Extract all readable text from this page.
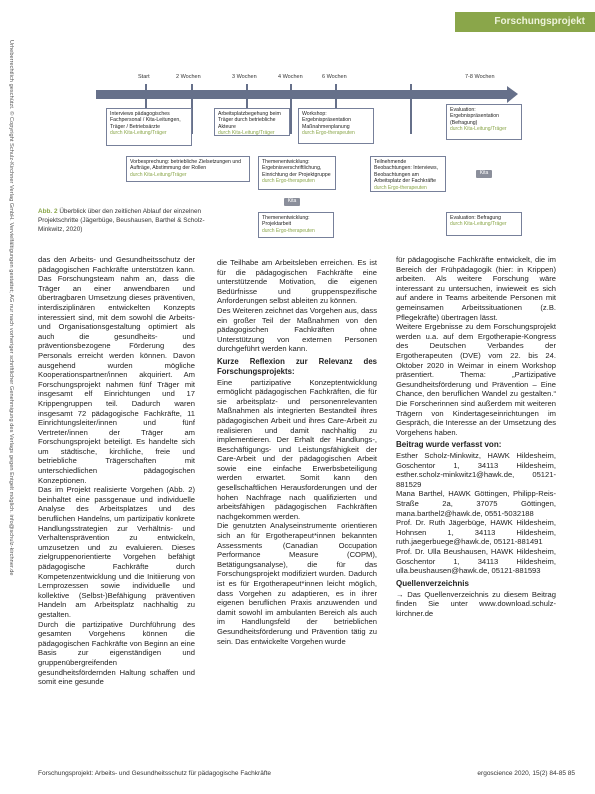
Urheberrechtlich geschützt. © Copyright Schulz-Kirchner Verlag GmbH. Vervielfältigungen gestattet; AG nur nach vorheriger schriftlicher Genehmigung des Verlags gegen Entgelt möglich. info@schulz-kirchner.de
Forschungsprojekt
Start	2 Wochen	3 Wochen	4 Wochen	6 Wochen	7-8 Wochen
Interviews pädagogisches Fachpersonal / Kita-Leitungen, Träger / Betriebsärzte
durch Kita-Leitung/Träger
Arbeitsplatzbegehung beim Träger durch betriebliche Akteure
durch Kita-Leitung/Träger
Workshop: Ergebnispräsentation Maßnahmenplanung
durch Ergo-therapeuten
Evaluation: Ergebnispräsentation (Befragung)
durch Kita-Leitung/Träger
Vorbesprechung: betriebliche Zielsetzungen und Aufträge, Abstimmung der Rollen
durch Kita-Leitung/Träger
Themenentwicklung: Ergebnisverschriftlichung, Einrichtung der Projektgruppe
durch Ergo-therapeuten
Teilnehmende Beobachtungen: Interviews, Beobachtungen am Arbeitsplatz der Fachkräfte
durch Ergo-therapeuten
Themenentwicklung: Projektarbeit
durch Ergo-therapeuten
Evaluation: Befragung
durch Kita-Leitung/Träger
Kita
Kita
Abb. 2 Überblick über den zeitlichen Ablauf der einzelnen Projektschritte (Jägerbüge, Beushausen, Barthel & Scholz-Minkwitz, 2020)

das den Arbeits- und Gesundheitsschutz der pädagogischen Fachkräfte unterstützen kann. Das Forschungsteam nahm an, dass die Träger an einer anwendbaren und übertragbaren Umsetzung dieses präventiven, interdisziplinären entwickelten Konzepts interessiert sind, mit dem sowohl die Arbeits- und Organisationsgestaltung optimiert als auch die gesundheits- und präventionsbezogene Förderung des Personals erreicht werden können. Davon ausgehend wurden mögliche Kooperationspartner/innen akquiriert. Am Forschungsprojekt nahmen fünf Träger mit insgesamt elf Einrichtungen und 17 Krippengruppen teil. Dadurch waren insgesamt 72 pädagogische Fachkräfte, 11 Einrichtungsleiter/innen und fünf Vertreter/innen der Träger am Forschungsprojekt beteiligt. Es handelte sich um städtische, kirchliche, freie und betriebliche Trägerschaften mit unterschiedlichen pädagogischen Konzeptionen.

Das im Projekt realisierte Vorgehen (Abb. 2) beinhaltet eine passgenaue und individuelle Analyse des Arbeitsplatzes und des beruflichen Handelns, um partizipativ konkrete Handlungsstrategien zur Verhältnis- und Verhaltensprävention zu entwickeln, umzusetzen und zu evaluieren. Dieses zielgruppenorientierte Vorgehen befähigt pädagogische Fachkräfte durch Kompetenzentwicklung und die Initiierung von Lernprozessen sowie individuelle und kollektive (Selbst-)Befähigung präventiven Handeln am Arbeitsplatz nachhaltig zu gestalten.

Durch die partizipative Durchführung des gesamten Vorgehens können die pädagogischen Fachkräfte von Beginn an eine Basis zur eigenständigen und gruppenübergreifenden gesundheitsfördernden Haltung schaffen und somit eine gesunde

die Teilhabe am Arbeitsleben erreichen. Es ist für die pädagogischen Fachkräfte eine unterstützende Motivation, die eigenen Bedürfnisse und gruppenspezifische Anforderungen selbst ableiten zu können.

Des Weiteren zeichnet das Vorgehen aus, dass ein großer Teil der Maßnahmen von den pädagogischen Fachkräften ohne Unterstützung von externen Personen durchgeführt werden kann.

Kurze Reflexion zur Relevanz des Forschungsprojekts:

Eine partizipative Konzeptentwicklung ermöglicht pädagogischen Fachkräften, die für sie arbeitsplatz- und personenrelevanten Maßnahmen als integrierten Bestandteil ihres pädagogischen Arbeit und ihres Care-Arbeit zu realisieren und damit nachhaltig zu implementieren. Der Erhalt der Handlungs-, Beschäftigungs- und Leistungsfähigkeit der Care-Arbeit und der pädagogischen Arbeit sowie eine einfache Erwerbsbeteiligung werden erwartet. Somit kann den gesellschaftlichen Herausforderungen und der hohen Nachfrage nach qualifizierten und arbeitsfähigen pädagogischen Fachkräften nachgekommen werden.

Die genutzten Analyseinstrumente orientieren sich an für Ergotherapeut*innen bekannten Assessments (Canadian Occupation Performance Measure (COPM), Betätigungsanalyse), die für das Forschungsprojekt modifiziert wurden. Dadurch ist es für Ergotherapeut*innen leicht möglich, dass Vorgehen zu adaptieren, es in ihrer eigenen beruflichen Praxis anzuwenden und damit sowohl im ambulanten Bereich als auch im Handlungsfeld der betrieblichen Gesundheitsförderung und Prävention tätig zu sein. Das entwickelte Vorgehen wurde

für pädagogische Fachkräfte entwickelt, die im Bereich der Frühpädagogik (hier: in Krippen) arbeiten. Als weitere Forschung wäre interessant zu untersuchen, inwieweit es sich auf andere in Teams arbeitende Personen mit gemeinsamen Arbeitssituationen (z.B. Pflegekräfte) übertragen lässt.

Weitere Ergebnisse zu dem Forschungsprojekt werden u.a. auf dem Ergotherapie-Kongress des Deutschen Verbandes der Ergotherapeuten (DVE) vom 22. bis 24. Oktober 2020 in Weimar in einem Workshop präsentiert. Thema: „Partizipative Gesundheitsförderung und Prävention – Eine Chance, den beruflichen Wandel zu gestalten.“ Die Forscherinnen sind außerdem mit weiteren Trägern von Kindertageseinrichtungen im Gespräch, die Interesse an der Umsetzung des Vorgehens haben.

Beitrag wurde verfasst von:

Esther Scholz-Minkwitz, HAWK Hildesheim, Goschentor 1, 34113 Hildesheim, esther.scholz-minkwitz1@hawk.de, 05121-881529

Mana Barthel, HAWK Göttingen, Philipp-Reis-Straße 2a, 37075 Göttingen, mana.barthel2@hawk.de, 0551-5032188

Prof. Dr. Ruth Jägerbüge, HAWK Hildesheim, Hohnsen 1, 34113 Hildesheim, ruth.jaegerbuege@hawk.de, 05121-881491

Prof. Dr. Ulla Beushausen, HAWK Hildesheim, Goschentor 1, 34113 Hildesheim, ulla.beushausen@hawk.de, 05121-881593

Quellenverzeichnis

→ Das Quellenverzeichnis zu diesem Beitrag finden Sie unter www.download.schulz-kirchner.de

Forschungsprojekt: Arbeits- und Gesundheitsschutz für pädagogische Fachkräfte	ergoscience 2020, 15(2) 84-85 85
